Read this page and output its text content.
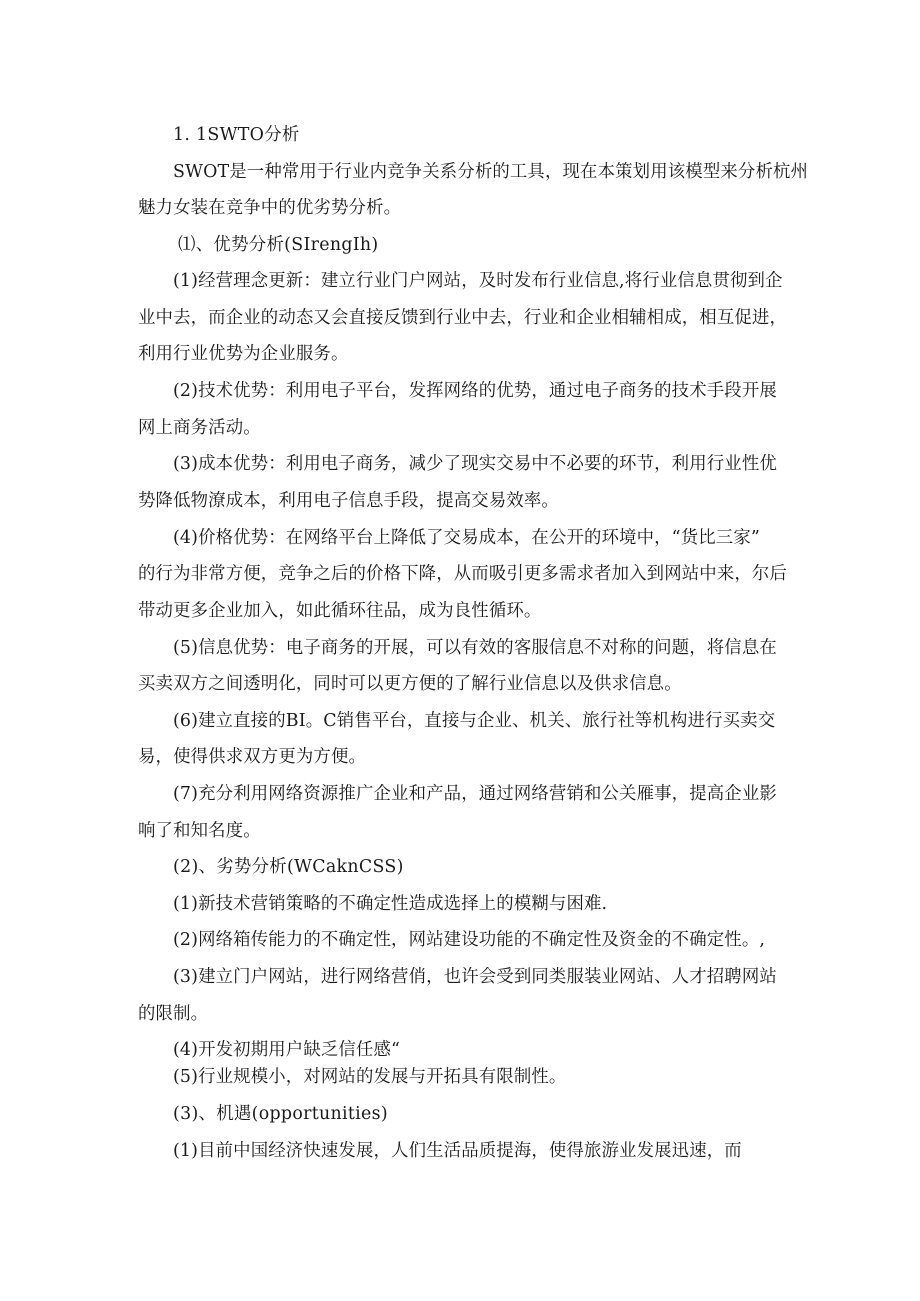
1. 1SWTO分析
SWOT是一种常用于行业内竞争关系分析的工具，现在本策划用该模型来分析杭州
魅力女装在竞争中的优劣势分析。
⑴、优势分析(SIrengIh)
(1)经营理念更新：建立行业门户网站，及时发布行业信息,将行业信息贯彻到企
业中去，而企业的动态又会直接反馈到行业中去，行业和企业相辅相成，相互促进，
利用行业优势为企业服务。
(2)技术优势：利用电子平台，发挥网络的优势，通过电子商务的技术手段开展
网上商务活动。
(3)成本优势：利用电子商务，减少了现实交易中不必要的环节，利用行业性优
势降低物潦成本，利用电子信息手段，提高交易效率。
(4)价格优势：在网络平台上降低了交易成本，在公开的环境中，“货比三家”
的行为非常方便，竞争之后的价格下降，从而吸引更多需求者加入到网站中来，尔后
带动更多企业加入，如此循环往品，成为良性循环。
(5)信息优势：电子商务的开展，可以有效的客服信息不对称的问题，将信息在
买卖双方之间透明化，同时可以更方便的了解行业信息以及供求信息。
(6)建立直接的BI。C销售平台，直接与企业、机关、旅行社等机构进行买卖交
易，使得供求双方更为方便。
(7)充分利用网络资源推广企业和产品，通过网络营销和公关雁事，提高企业影
响了和知名度。
(2)、劣势分析(WCaknCSS)
(1)新技术营销策略的不确定性造成选择上的模糊与困难.
(2)网络箱传能力的不确定性，网站建设功能的不确定性及资金的不确定性。,
(3)建立门户网站，进行网络营俏，也许会受到同类服装业网站、人才招聘网站
的限制。
(4)开发初期用户缺乏信任感“
(5)行业规模小，对网站的发展与开拓具有限制性。
(3)、机遇(opportunities)
(1)目前中国经济快速发展，人们生活品质提海，使得旅游业发展迅速，而
